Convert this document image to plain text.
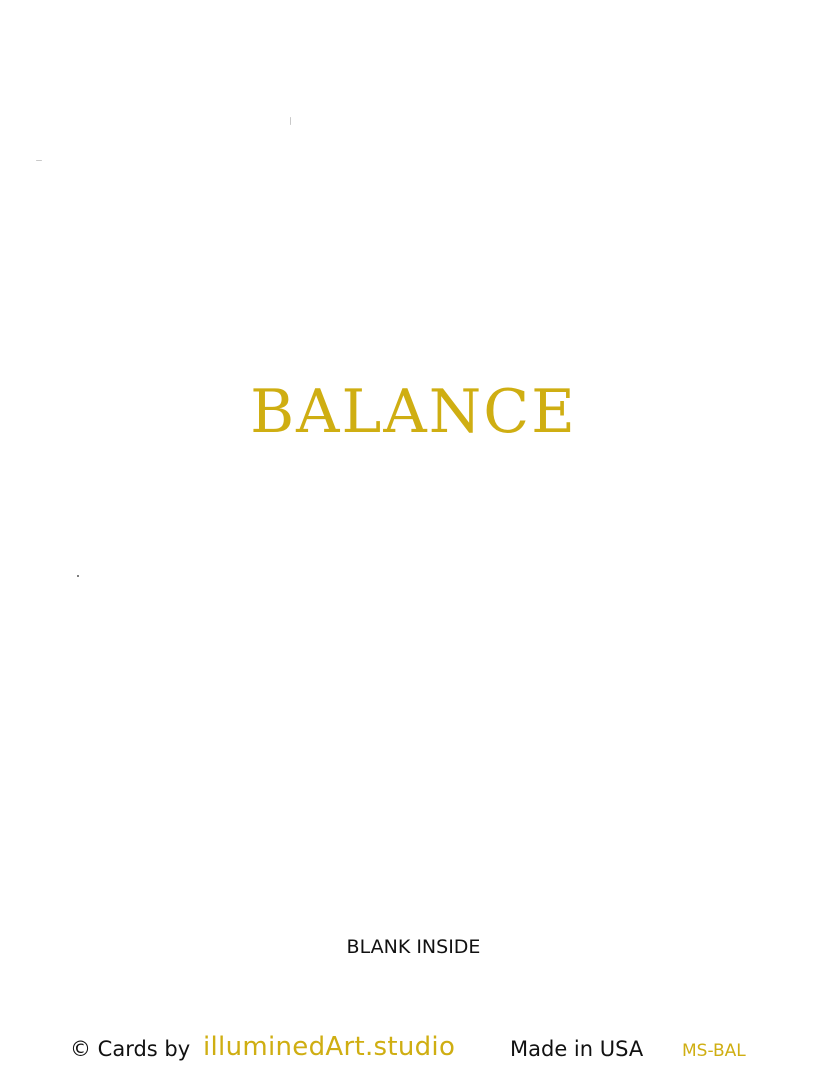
BALANCE
BLANK INSIDE
© Cards by illuminedArt.studio	Made in USA MS-BAL
